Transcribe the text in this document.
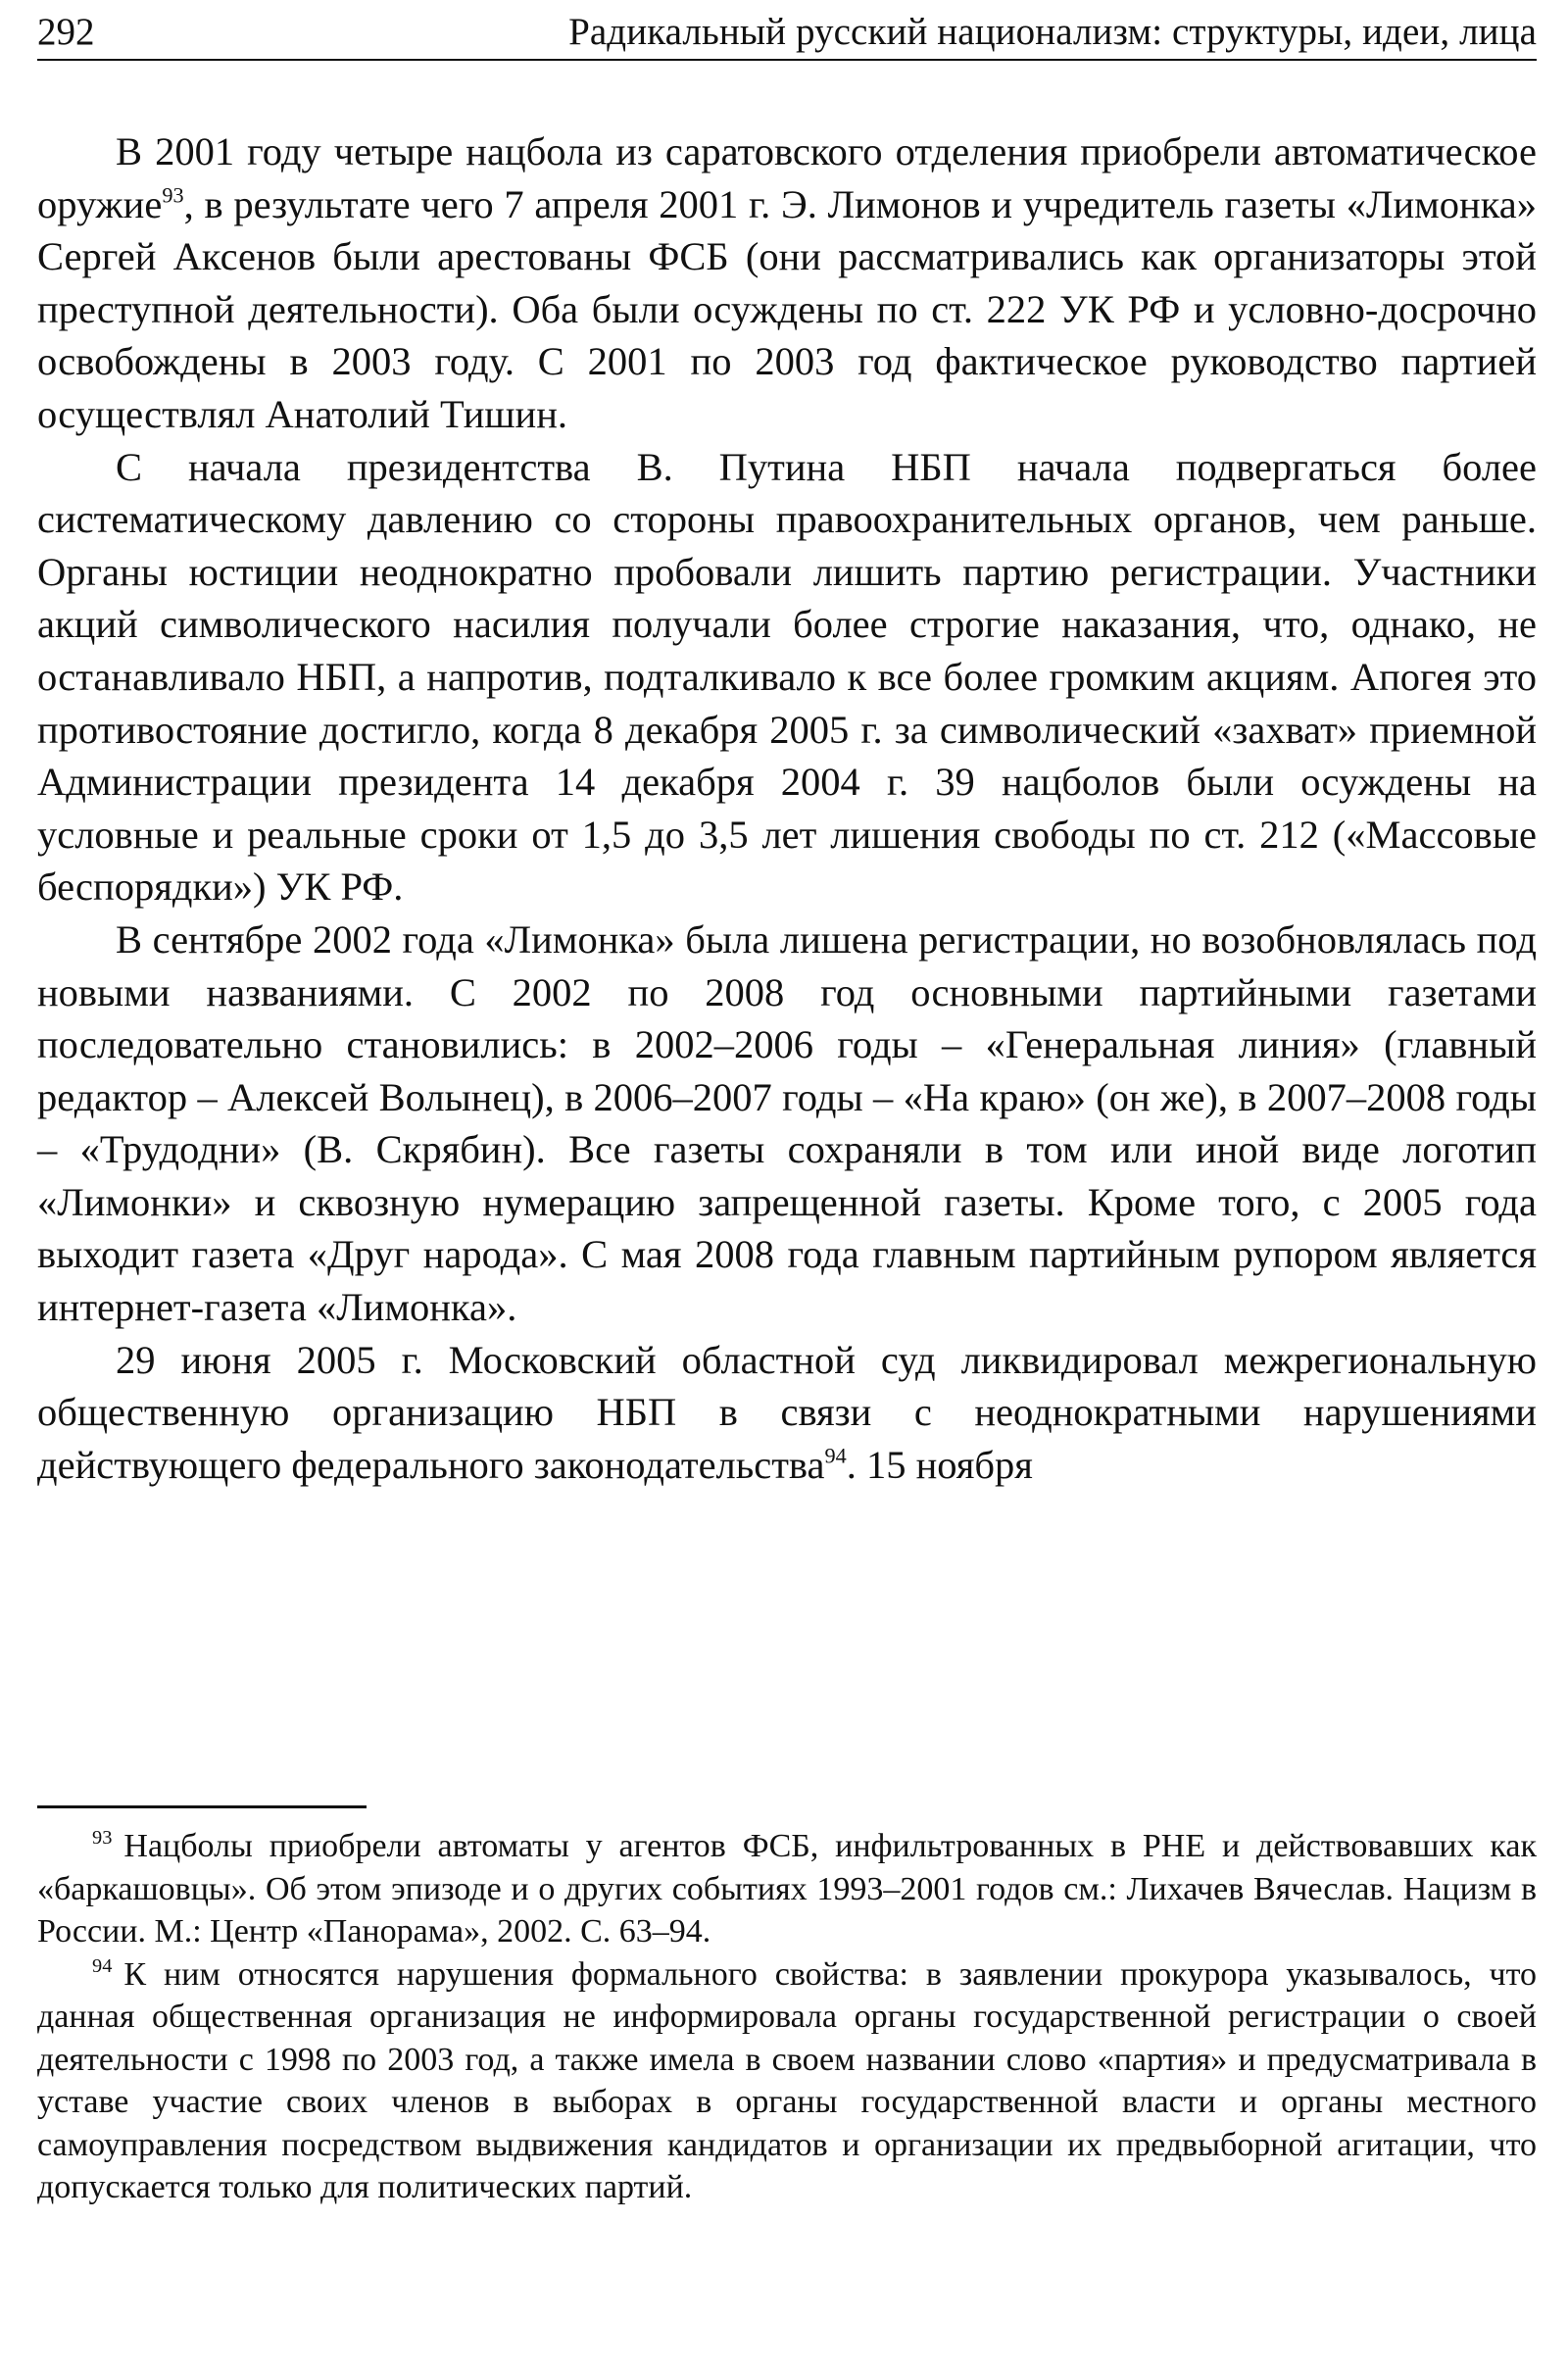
292	Радикальный русский национализм: структуры, идеи, лица

В 2001 году четыре нацбола из саратовского отделения приобрели автоматическое оружие$^{93}$, в результате чего 7 апреля 2001 г. Э. Лимонов и учредитель газеты «Лимонка» Сергей Аксенов были арестованы ФСБ (они рассматривались как организаторы этой преступной деятельности). Оба были осуждены по ст. 222 УК РФ и условно-досрочно освобождены в 2003 году. С 2001 по 2003 год фактическое руководство партией осуществлял Анатолий Тишин.

С начала президентства В. Путина НБП начала подвергаться более систематическому давлению со стороны правоохранительных органов, чем раньше. Органы юстиции неоднократно пробовали лишить партию регистрации. Участники акций символического насилия получали более строгие наказания, что, однако, не останавливало НБП, а напротив, подталкивало к все более громким акциям. Апогея это противостояние достигло, когда 8 декабря 2005 г. за символический «захват» приемной Администрации президента 14 декабря 2004 г. 39 нацболов были осуждены на условные и реальные сроки от 1,5 до 3,5 лет лишения свободы по ст. 212 («Массовые беспорядки») УК РФ.

В сентябре 2002 года «Лимонка» была лишена регистрации, но возобновлялась под новыми названиями. С 2002 по 2008 год основными партийными газетами последовательно становились: в 2002–2006 годы – «Генеральная линия» (главный редактор – Алексей Волынец), в 2006–2007 годы – «На краю» (он же), в 2007–2008 годы – «Трудодни» (В. Скрябин). Все газеты сохраняли в том или иной виде логотип «Лимонки» и сквозную нумерацию запрещенной газеты. Кроме того, с 2005 года выходит газета «Друг народа». С мая 2008 года главным партийным рупором является интернет-газета «Лимонка».

29 июня 2005 г. Московский областной суд ликвидировал межрегиональную общественную организацию НБП в связи с неоднократными нарушениями действующего федерального законодательства$^{94}$. 15 ноября

$^{93}$ Нацболы приобрели автоматы у агентов ФСБ, инфильтрованных в РНЕ и действовавших как «баркашовцы». Об этом эпизоде и о других событиях 1993–2001 годов см.: Лихачев Вячеслав. Нацизм в России. М.: Центр «Панорама», 2002. С. 63–94.

$^{94}$ К ним относятся нарушения формального свойства: в заявлении прокурора указывалось, что данная общественная организация не информировала органы государственной регистрации о своей деятельности с 1998 по 2003 год, а также имела в своем названии слово «партия» и предусматривала в уставе участие своих членов в выборах в органы государственной власти и органы местного самоуправления посредством выдвижения кандидатов и организации их предвыборной агитации, что допускается только для политических партий.
